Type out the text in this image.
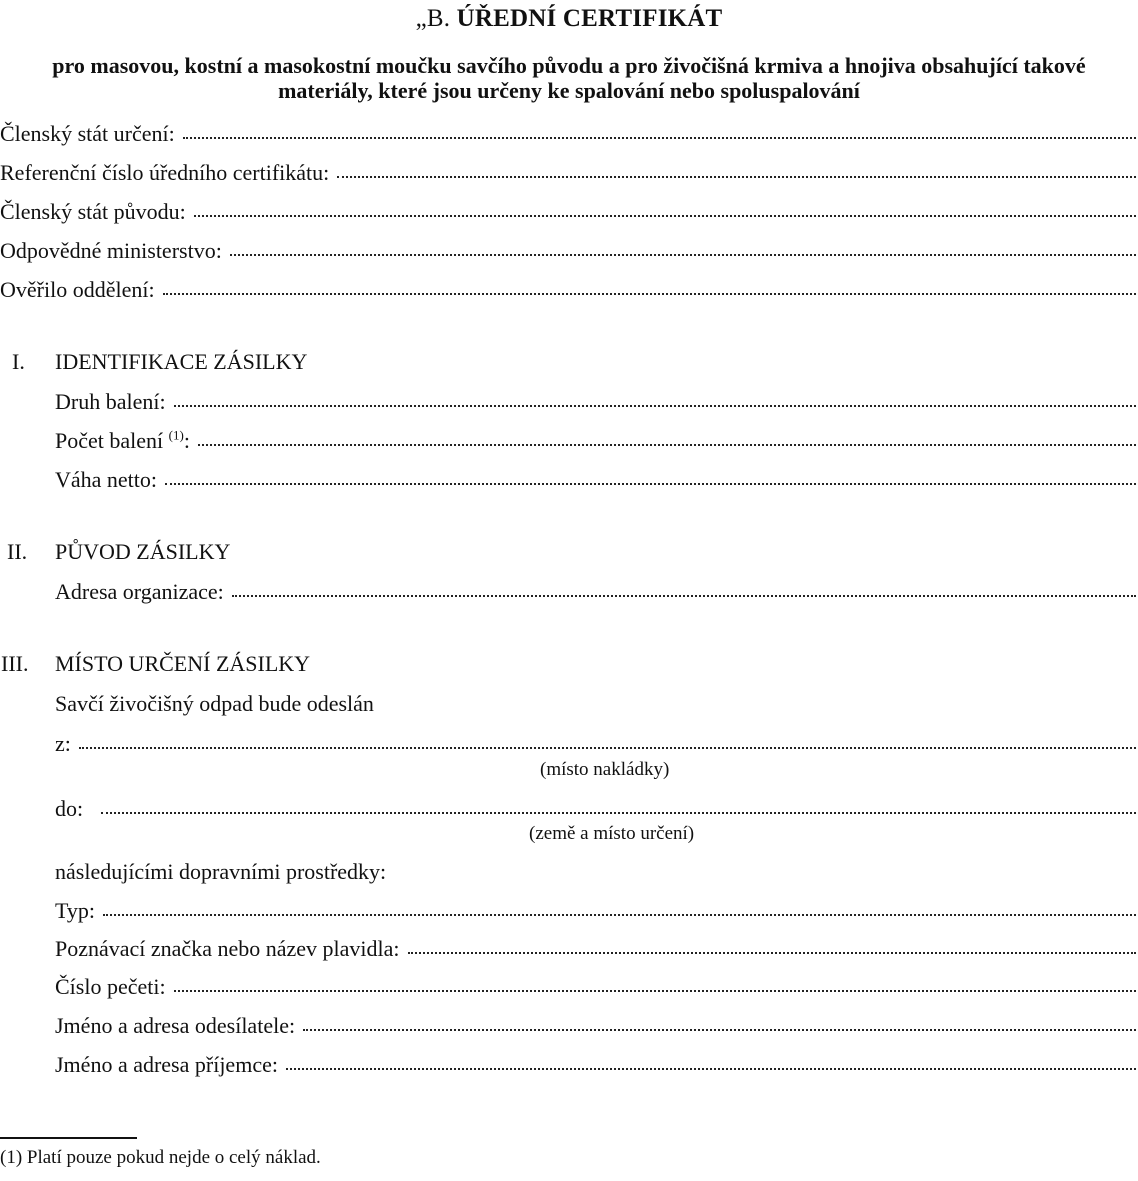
„B. ÚŘEDNÍ CERTIFIKÁT
pro masovou, kostní a masokostní moučku savčího původu a pro živočišná krmiva a hnojiva obsahující takové
materiály, které jsou určeny ke spalování nebo spoluspalování
Členský stát určení:
Referenční číslo úředního certifikátu:
Členský stát původu:
Odpovědné ministerstvo:
Ověřilo oddělení:
I. IDENTIFIKACE ZÁSILKY
Druh balení:
Počet balení $^{(1)}$:
Váha netto:
II. PŮVOD ZÁSILKY
Adresa organizace:
III. MÍSTO URČENÍ ZÁSILKY
Savčí živočišný odpad bude odeslán
z:
(místo nakládky)
do:
(země a místo určení)
následujícími dopravními prostředky:
Typ:
Poznávací značka nebo název plavidla:
Číslo pečeti:
Jméno a adresa odesílatele:
Jméno a adresa příjemce:
(1) Platí pouze pokud nejde o celý náklad.
